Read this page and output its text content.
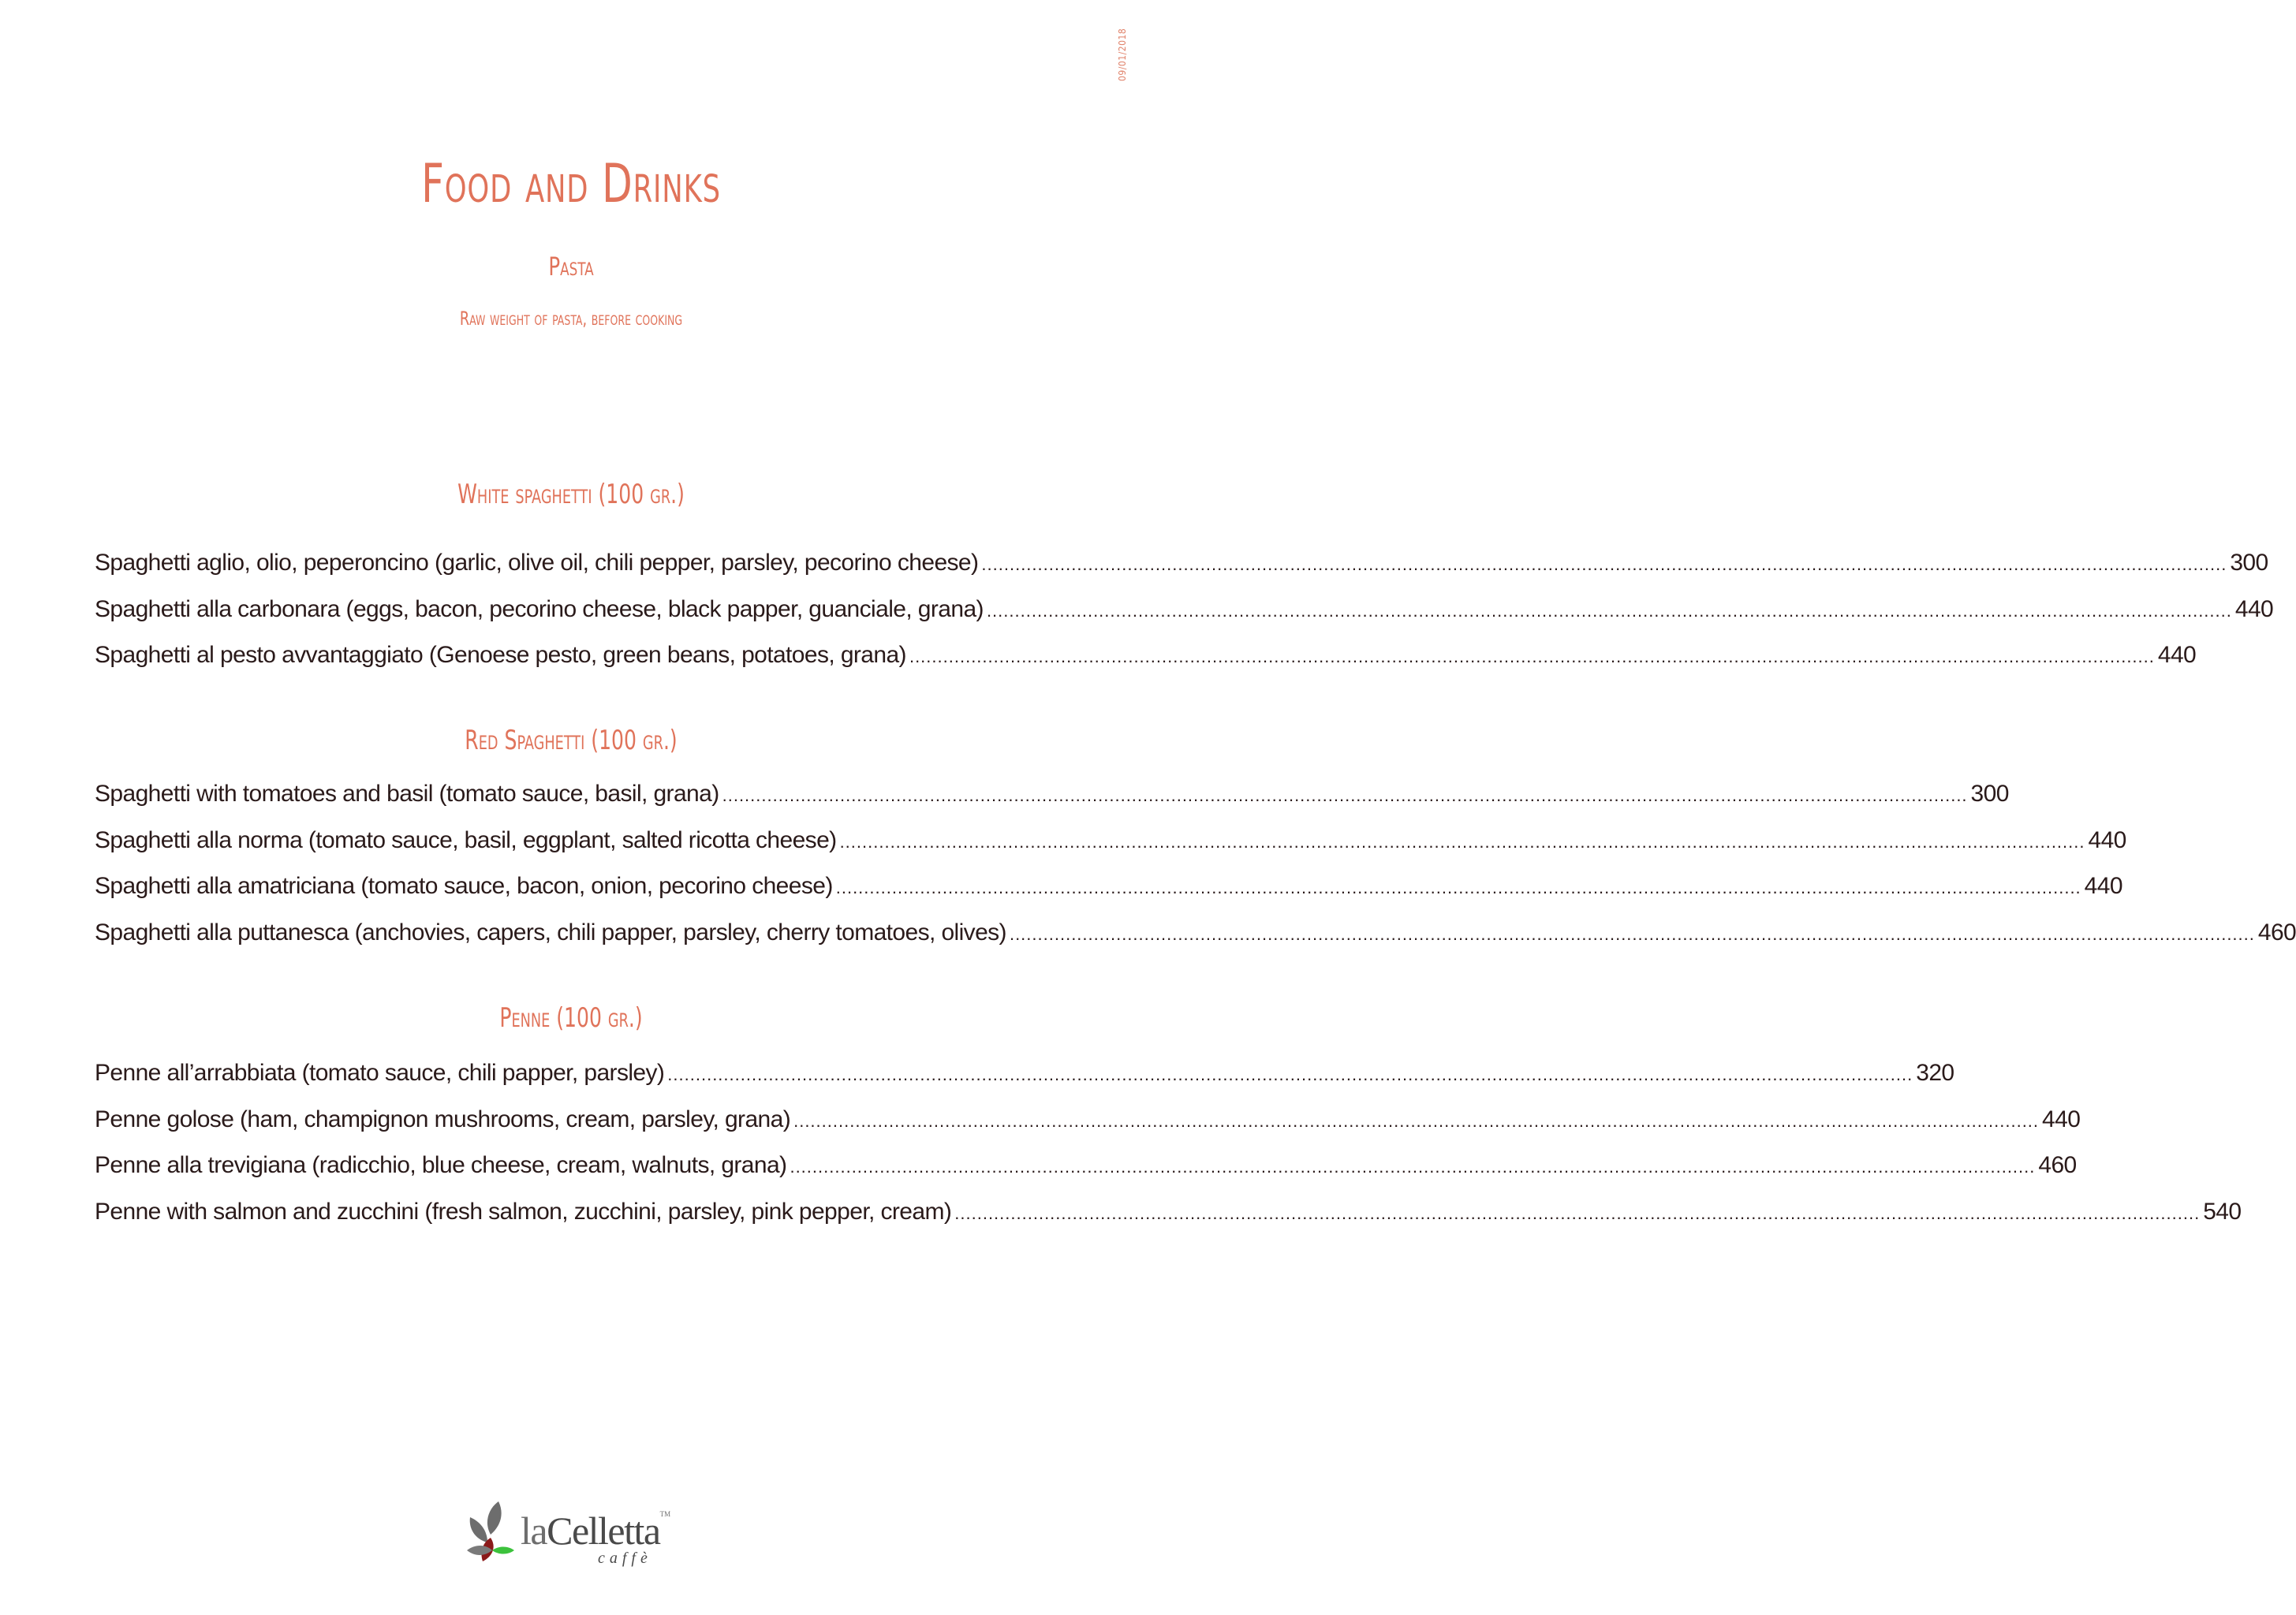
09/01/2018
Food and Drinks
Pasta
Raw weight of pasta, before cooking
White spaghetti (100 gr.)
Spaghetti aglio, olio, peperoncino (garlic, olive oil, chili pepper, parsley, pecorino cheese) .....	300
Spaghetti alla carbonara (eggs, bacon, pecorino cheese, black papper, guanciale, grana) .....	440
Spaghetti al pesto avvantaggiato (Genoese pesto, green beans, potatoes, grana) .....	440
Red Spaghetti (100 gr.)
Spaghetti with tomatoes and basil (tomato sauce, basil, grana) .....	300
Spaghetti alla norma (tomato sauce, basil, eggplant, salted ricotta cheese) .....	440
Spaghetti alla amatriciana (tomato sauce, bacon, onion, pecorino cheese) .....	440
Spaghetti alla puttanesca (anchovies, capers, chili papper, parsley, cherry tomatoes, olives) .....	460
Penne (100 gr.)
Penne all’arrabbiata (tomato sauce, chili papper, parsley) .....	320
Penne golose (ham, champignon mushrooms, cream, parsley, grana) .....	440
Penne alla trevigiana (radicchio, blue cheese, cream, walnuts, grana) .....	460
Penne with salmon and zucchini (fresh salmon, zucchini, parsley, pink pepper, cream) .....	540
laCelletta™
caffè
